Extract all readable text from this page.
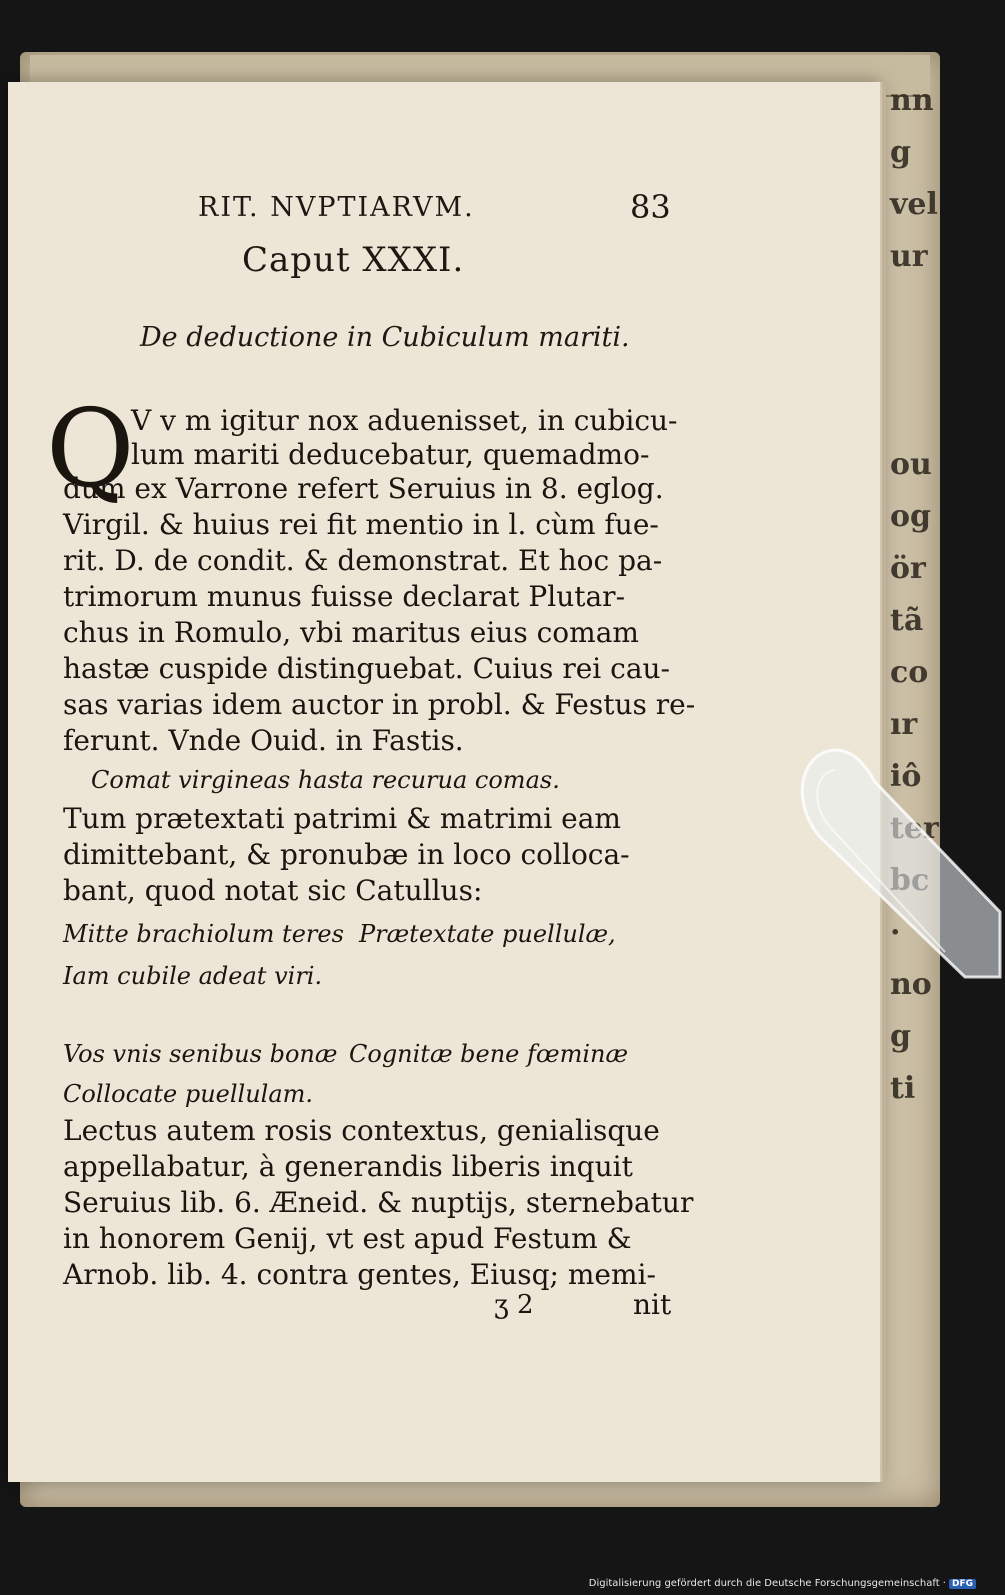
nn
g
vel
ur

ou
og
ör
tã
co
ır
iô
·
no
g
ti
RIT. NVPTIARVM.	83
Caput XXXI.
De deductione in Cubiculum mariti.
Q
V v m igitur nox aduenisset, in cubicu-
lum mariti deducebatur, quemadmo-
dum ex Varrone refert Seruius in 8. eglog.
Virgil. & huius rei fit mentio in l. cùm fue-
rit. D. de condit. & demonstrat. Et hoc pa-
trimorum munus fuisse declarat Plutar-
chus in Romulo, vbi maritus eius comam
hastæ cuspide distinguebat. Cuius rei cau-
sas varias idem auctor in probl. & Festus re-
ferunt. Vnde Ouid. in Fastis.
Comat virgineas hasta recurua comas.
Tum prætextati patrimi & matrimi eam
dimittebant, & pronubæ in loco colloca-
bant, quod notat sic Catullus:
Mitte brachiolum teres Prætextate puellulæ,
Iam cubile adeat viri.
Vos vnis senibus bonæ Cognitæ bene fœminæ
Collocate puellulam.
Lectus autem rosis contextus, genialisque
appellabatur, à generandis liberis inquit
Seruius lib. 6. Æneid. & nuptijs, sternebatur
in honorem Genij, vt est apud Festum &
Arnob. lib. 4. contra gentes, Eiusq; memi-
ʒ 2	nit
Digitalisierung gefördert durch die Deutsche Forschungsgemeinschaft · DFG
